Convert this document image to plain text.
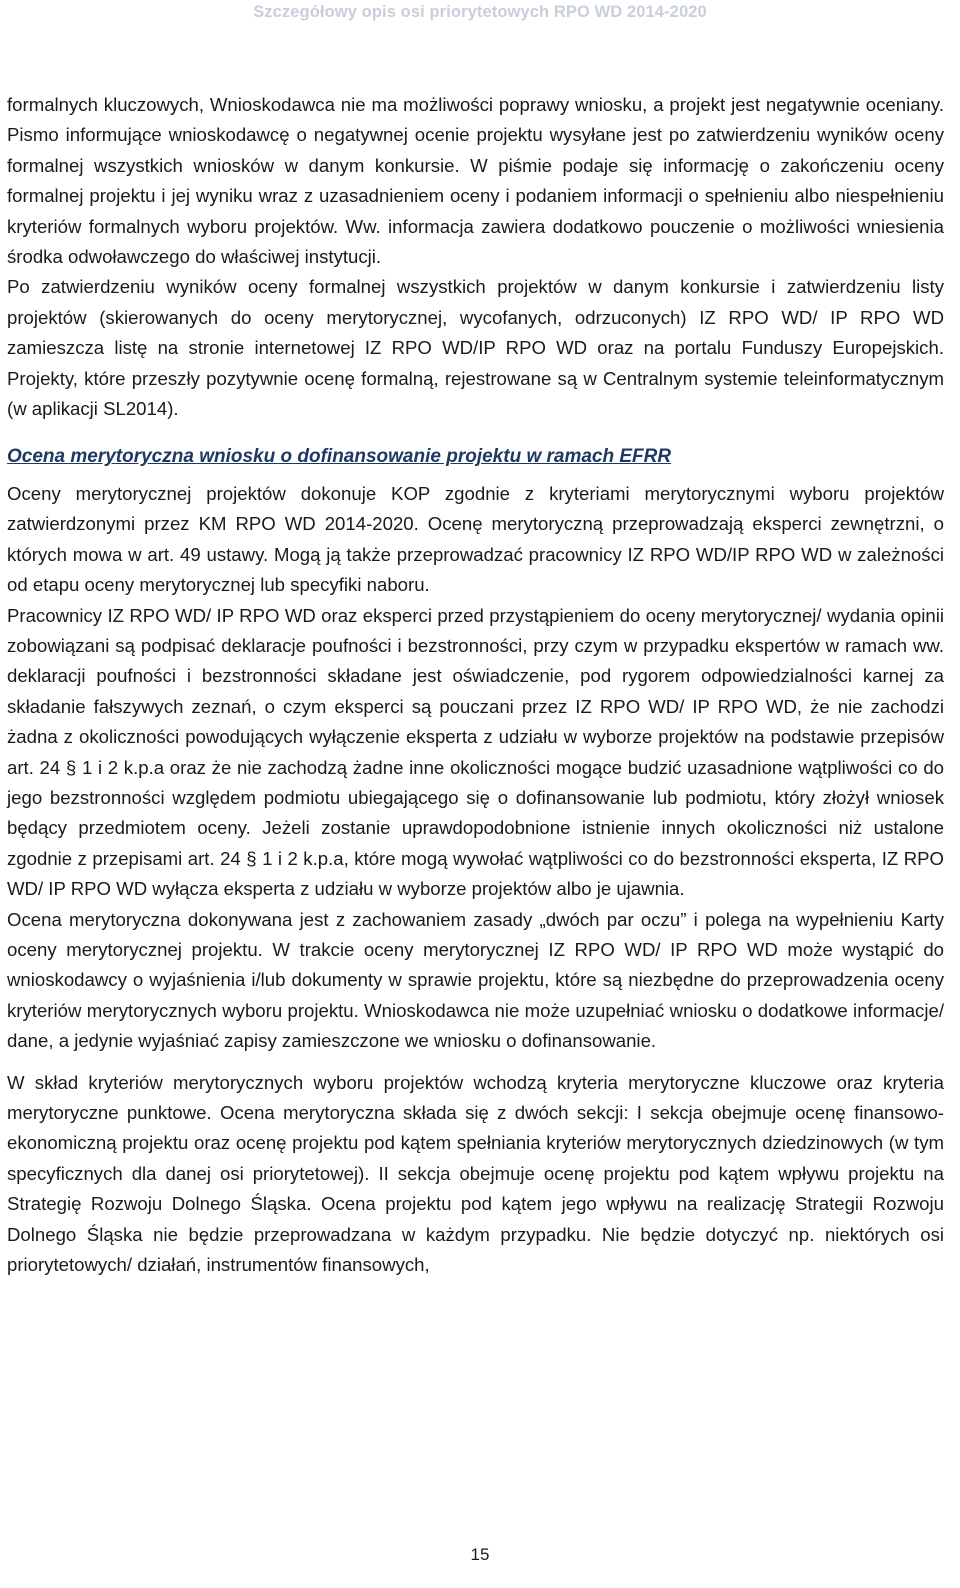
Szczegółowy opis osi priorytetowych RPO WD 2014-2020

formalnych kluczowych, Wnioskodawca nie ma możliwości poprawy wniosku, a projekt jest negatywnie oceniany. Pismo informujące wnioskodawcę o negatywnej ocenie projektu wysyłane jest po zatwierdzeniu wyników oceny formalnej wszystkich wniosków w danym konkursie. W piśmie podaje się informację o zakończeniu oceny formalnej projektu i jej wyniku wraz z uzasadnieniem oceny i podaniem informacji o spełnieniu albo niespełnieniu kryteriów formalnych wyboru projektów. Ww. informacja zawiera dodatkowo pouczenie o możliwości wniesienia środka odwoławczego do właściwej instytucji.

Po zatwierdzeniu wyników oceny formalnej wszystkich projektów w danym konkursie i zatwierdzeniu listy projektów (skierowanych do oceny merytorycznej, wycofanych, odrzuconych) IZ RPO WD/ IP RPO WD zamieszcza listę na stronie internetowej IZ RPO WD/IP RPO WD oraz na portalu Funduszy Europejskich. Projekty, które przeszły pozytywnie ocenę formalną, rejestrowane są w Centralnym systemie teleinformatycznym (w aplikacji SL2014).

Ocena merytoryczna wniosku o dofinansowanie projektu w ramach EFRR

Oceny merytorycznej projektów dokonuje KOP zgodnie z kryteriami merytorycznymi wyboru projektów zatwierdzonymi przez KM RPO WD 2014-2020. Ocenę merytoryczną przeprowadzają eksperci zewnętrzni, o których mowa w art. 49 ustawy. Mogą ją także przeprowadzać pracownicy IZ RPO WD/IP RPO WD w zależności od etapu oceny merytorycznej lub specyfiki naboru.

Pracownicy IZ RPO WD/ IP RPO WD oraz eksperci przed przystąpieniem do oceny merytorycznej/ wydania opinii zobowiązani są podpisać deklaracje poufności i bezstronności, przy czym w przypadku ekspertów w ramach ww. deklaracji poufności i bezstronności składane jest oświadczenie, pod rygorem odpowiedzialności karnej za składanie fałszywych zeznań, o czym eksperci są pouczani przez IZ RPO WD/ IP RPO WD, że nie zachodzi żadna z okoliczności powodujących wyłączenie eksperta z udziału w wyborze projektów na podstawie przepisów art. 24 § 1 i 2 k.p.a oraz że nie zachodzą żadne inne okoliczności mogące budzić uzasadnione wątpliwości co do jego bezstronności względem podmiotu ubiegającego się o dofinansowanie lub podmiotu, który złożył wniosek będący przedmiotem oceny. Jeżeli zostanie uprawdopodobnione istnienie innych okoliczności niż ustalone zgodnie z przepisami art. 24 § 1 i 2 k.p.a, które mogą wywołać wątpliwości co do bezstronności eksperta, IZ RPO WD/ IP RPO WD wyłącza eksperta z udziału w wyborze projektów albo je ujawnia.

Ocena merytoryczna dokonywana jest z zachowaniem zasady „dwóch par oczu” i polega na wypełnieniu Karty oceny merytorycznej projektu. W trakcie oceny merytorycznej IZ RPO WD/ IP RPO WD może wystąpić do wnioskodawcy o wyjaśnienia i/lub dokumenty w sprawie projektu, które są niezbędne do przeprowadzenia oceny kryteriów merytorycznych wyboru projektu. Wnioskodawca nie może uzupełniać wniosku o dodatkowe informacje/ dane, a jedynie wyjaśniać zapisy zamieszczone we wniosku o dofinansowanie.

W skład kryteriów merytorycznych wyboru projektów wchodzą kryteria merytoryczne kluczowe oraz kryteria merytoryczne punktowe. Ocena merytoryczna składa się z dwóch sekcji: I sekcja obejmuje ocenę finansowo-ekonomiczną projektu oraz ocenę projektu pod kątem spełniania kryteriów merytorycznych dziedzinowych (w tym specyficznych dla danej osi priorytetowej). II sekcja obejmuje ocenę projektu pod kątem wpływu projektu na Strategię Rozwoju Dolnego Śląska. Ocena projektu pod kątem jego wpływu na realizację Strategii Rozwoju Dolnego Śląska nie będzie przeprowadzana w każdym przypadku. Nie będzie dotyczyć np. niektórych osi priorytetowych/ działań, instrumentów finansowych,

15
